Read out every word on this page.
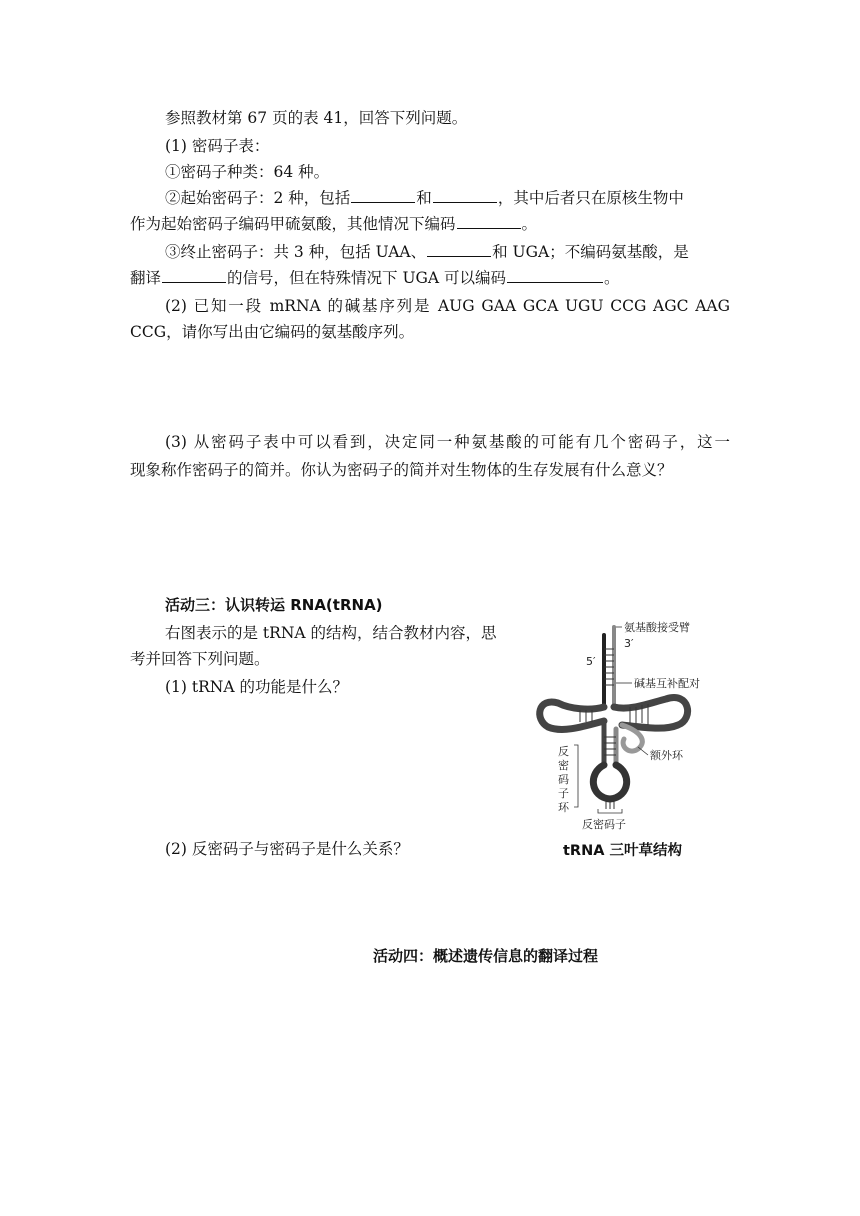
参照教材第 67 页的表 41，回答下列问题。
(1) 密码子表：
①密码子种类：64 种。
②起始密码子：2 种，包括	和	，其中后者只在原核生物中
作为起始密码子编码甲硫氨酸，其他情况下编码	。
③终止密码子：共 3 种，包括 UAA、	和 UGA；不编码氨基酸，是
翻译	的信号，但在特殊情况下 UGA 可以编码	。
(2) 已知一段 mRNA 的碱基序列是 AUG GAA GCA UGU CCG AGC AAG
CCG，请你写出由它编码的氨基酸序列。
(3) 从密码子表中可以看到，决定同一种氨基酸的可能有几个密码子，这一
现象称作密码子的简并。你认为密码子的简并对生物体的生存发展有什么意义？
活动三：认识转运 RNA(tRNA)
右图表示的是 tRNA 的结构，结合教材内容，思
考并回答下列问题。
(1) tRNA 的功能是什么？
(2) 反密码子与密码子是什么关系？
氨基酸接受臂
3′
5′
碱基互补配对
额外环
反
密
码
子
环
反密码子
tRNA 三叶草结构
活动四：概述遗传信息的翻译过程
